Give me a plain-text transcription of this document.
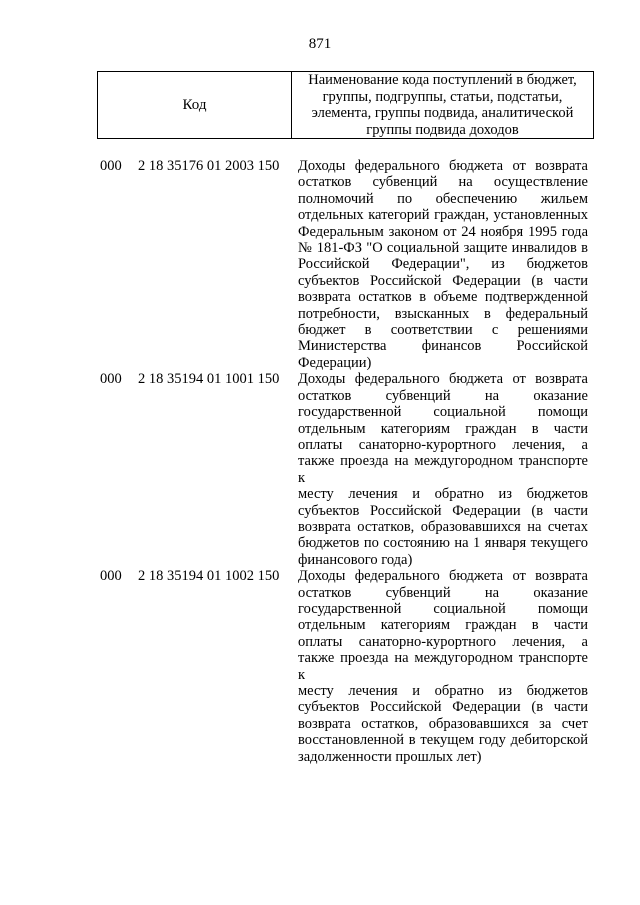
871
Код
Наименование кода поступлений в бюджет, группы, подгруппы, статьи, подстатьи, элемента, группы подвида, аналитической группы подвида доходов
000	2 18 35176 01 2003 150	Доходы федерального бюджета от возврата
остатков субвенций на осуществление
полномочий по обеспечению жильем
отдельных категорий граждан, установленных
Федеральным законом от 24 ноября 1995 года
№ 181-ФЗ "О социальной защите инвалидов в
Российской Федерации", из бюджетов
субъектов Российской Федерации (в части
возврата остатков в объеме подтвержденной
потребности, взысканных в федеральный
бюджет в соответствии с решениями
Министерства финансов Российской
Федерации)
000	2 18 35194 01 1001 150	Доходы федерального бюджета от возврата
остатков субвенций на оказание
государственной социальной помощи
отдельным категориям граждан в части
оплаты санаторно-курортного лечения, а
также проезда на междугородном транспорте к
месту лечения и обратно из бюджетов
субъектов Российской Федерации (в части
возврата остатков, образовавшихся на счетах
бюджетов по состоянию на 1 января текущего
финансового года)
000	2 18 35194 01 1002 150	Доходы федерального бюджета от возврата
остатков субвенций на оказание
государственной социальной помощи
отдельным категориям граждан в части
оплаты санаторно-курортного лечения, а
также проезда на междугородном транспорте к
месту лечения и обратно из бюджетов
субъектов Российской Федерации (в части
возврата остатков, образовавшихся за счет
восстановленной в текущем году дебиторской
задолженности прошлых лет)
